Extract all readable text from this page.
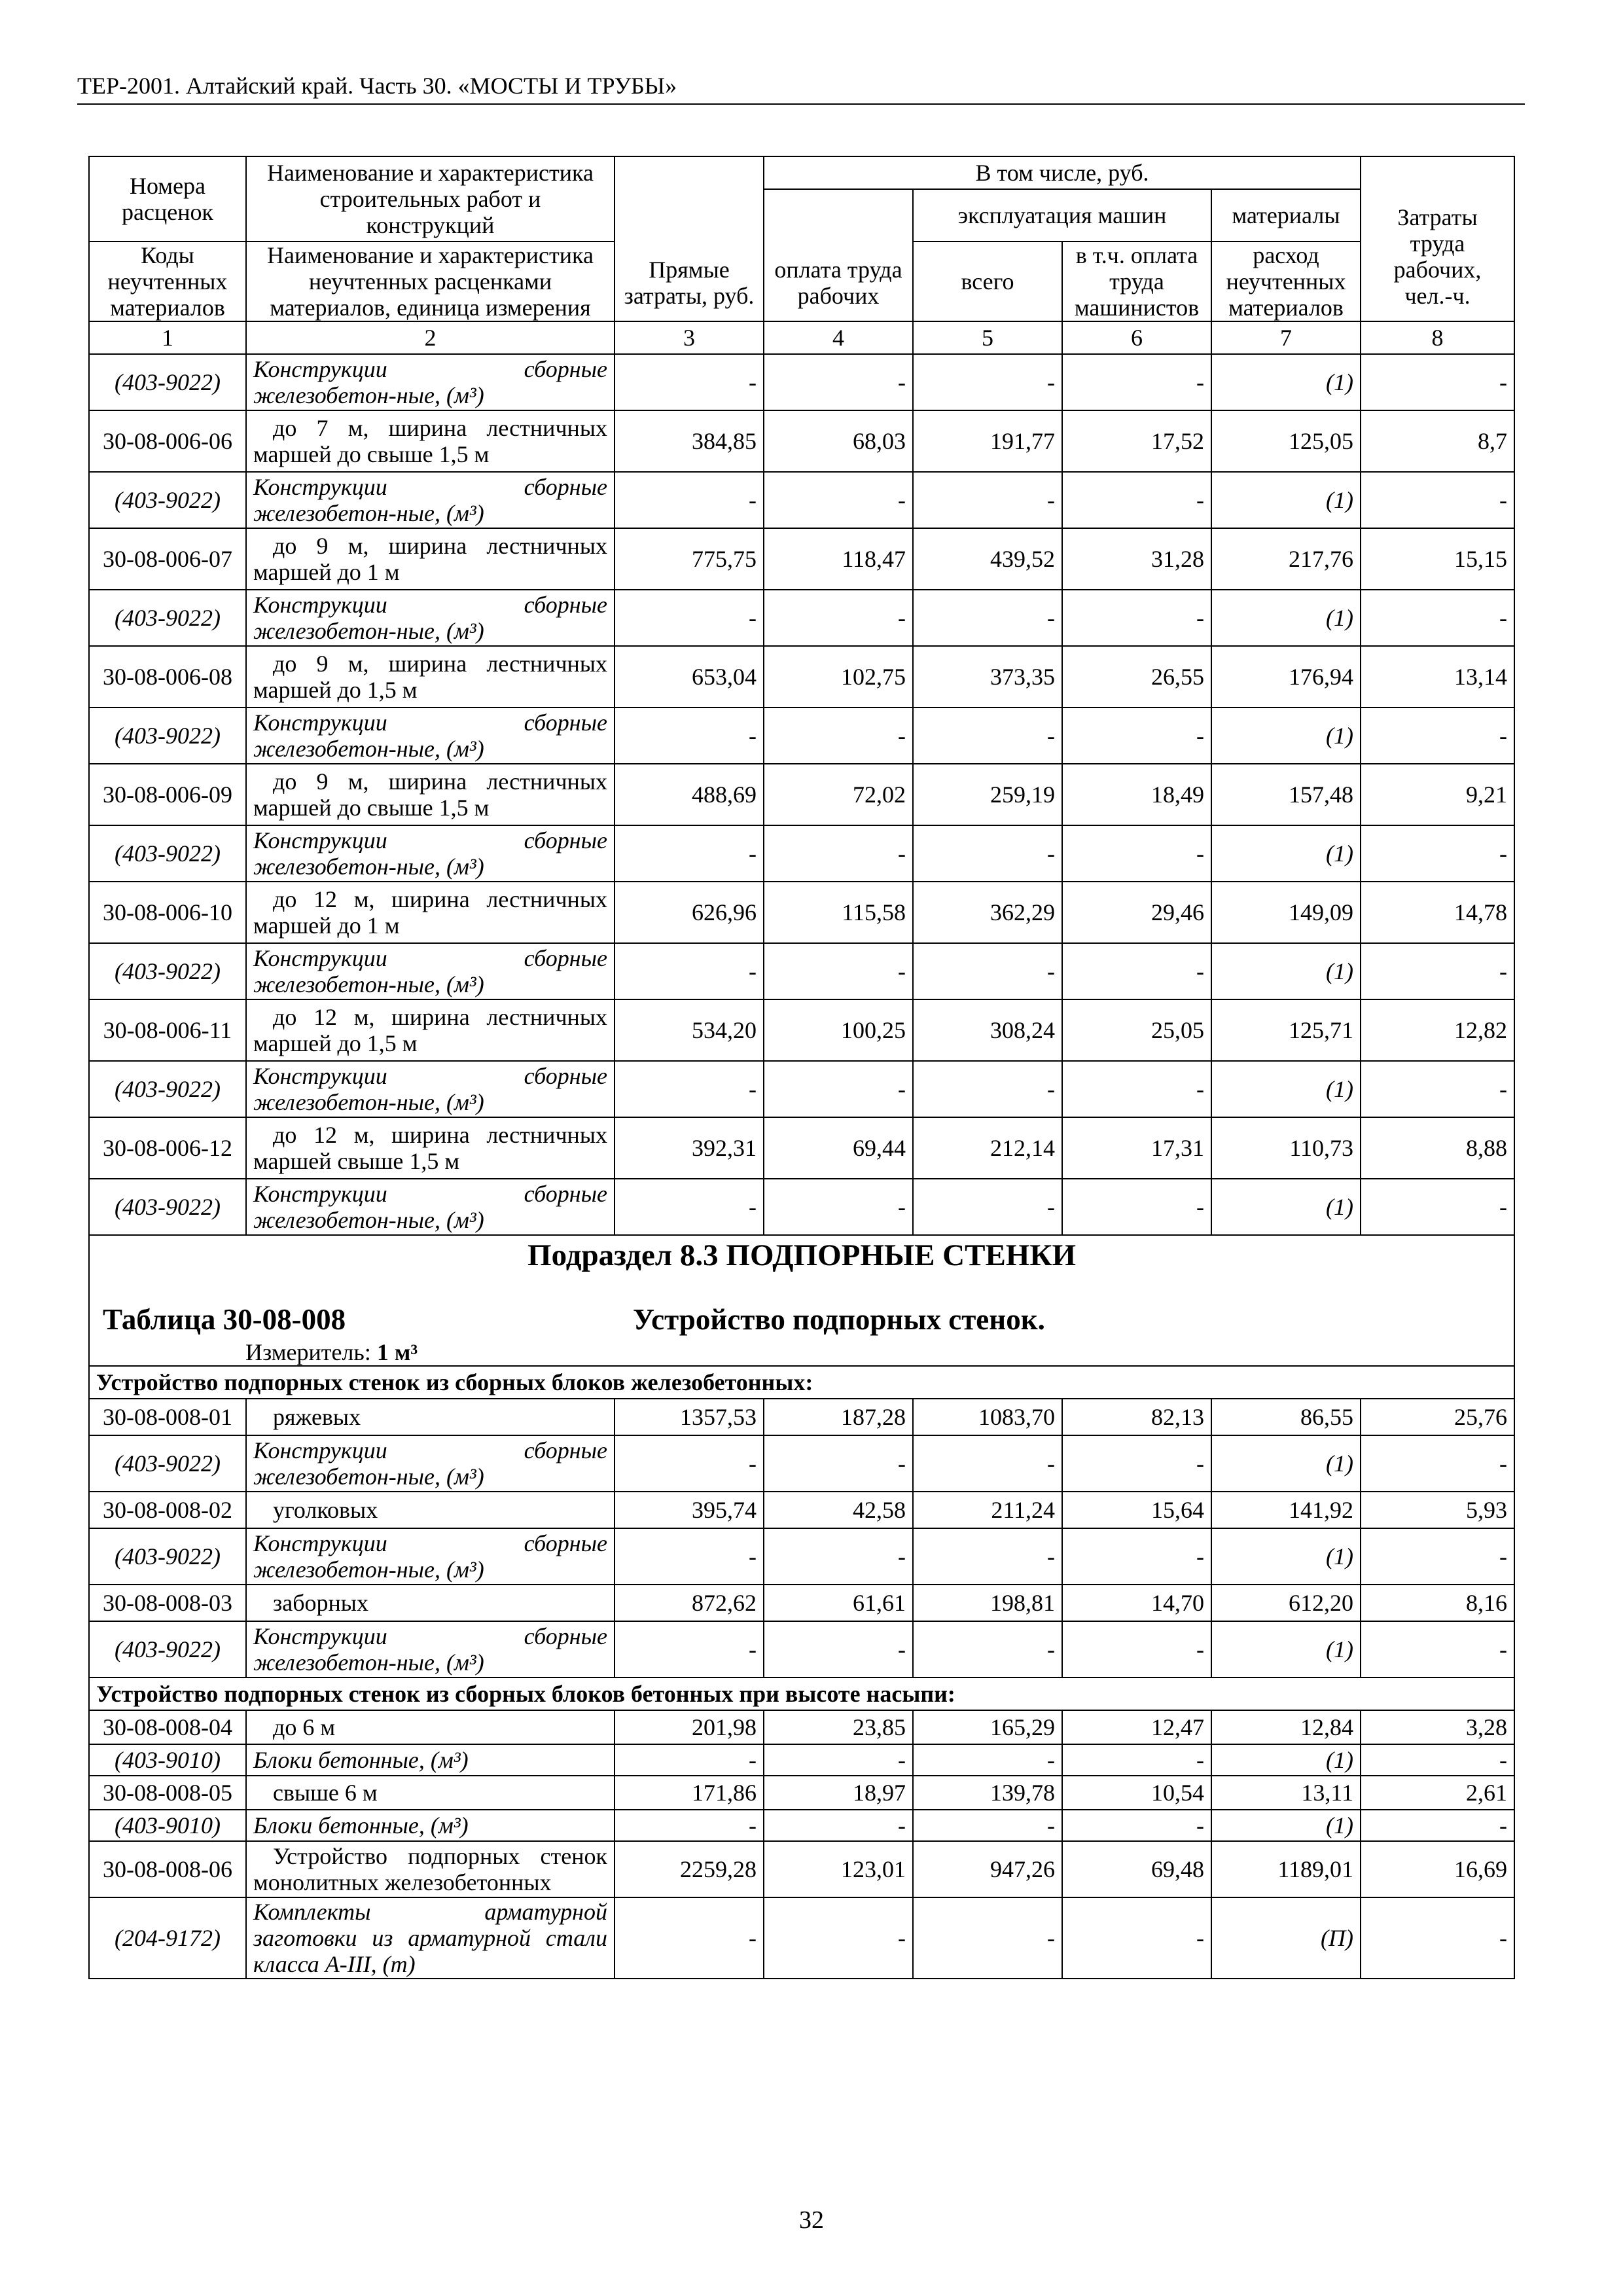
ТЕР-2001. Алтайский край. Часть 30. «МОСТЫ И ТРУБЫ»
Номера расценок	Наименование и характеристика строительных работ и конструкций	Прямые затраты, руб.	В том числе, руб.				Затраты труда рабочих, чел.-ч.
			оплата труда рабочих	эксплуатация машин		материалы	
Коды неучтенных материалов	Наименование и характеристика неучтенных расценками материалов, единица измерения			всего	в т.ч. оплата труда машинистов	расход неучтенных материалов	
1	2	3	4	5	6	7	8
(403-9022)	Конструкции сборные железобетон-ные, (м³)	-	-	-	-	(1)	-
30-08-006-06	до 7 м, ширина лестничных маршей до свыше 1,5 м	384,85	68,03	191,77	17,52	125,05	8,7
(403-9022)	Конструкции сборные железобетон-ные, (м³)	-	-	-	-	(1)	-
30-08-006-07	до 9 м, ширина лестничных маршей до 1 м	775,75	118,47	439,52	31,28	217,76	15,15
(403-9022)	Конструкции сборные железобетон-ные, (м³)	-	-	-	-	(1)	-
30-08-006-08	до 9 м, ширина лестничных маршей до 1,5 м	653,04	102,75	373,35	26,55	176,94	13,14
(403-9022)	Конструкции сборные железобетон-ные, (м³)	-	-	-	-	(1)	-
30-08-006-09	до 9 м, ширина лестничных маршей до свыше 1,5 м	488,69	72,02	259,19	18,49	157,48	9,21
(403-9022)	Конструкции сборные железобетон-ные, (м³)	-	-	-	-	(1)	-
30-08-006-10	до 12 м, ширина лестничных маршей до 1 м	626,96	115,58	362,29	29,46	149,09	14,78
(403-9022)	Конструкции сборные железобетон-ные, (м³)	-	-	-	-	(1)	-
30-08-006-11	до 12 м, ширина лестничных маршей до 1,5 м	534,20	100,25	308,24	25,05	125,71	12,82
(403-9022)	Конструкции сборные железобетон-ные, (м³)	-	-	-	-	(1)	-
30-08-006-12	до 12 м, ширина лестничных маршей свыше 1,5 м	392,31	69,44	212,14	17,31	110,73	8,88
(403-9022)	Конструкции сборные железобетон-ные, (м³)	-	-	-	-	(1)	-

Подраздел 8.3 ПОДПОРНЫЕ СТЕНКИ
Таблица 30-08-008 Устройство подпорных стенок.
Измеритель: 1 м³							

Устройство подпорных стенок из сборных блоков железобетонных:							
30-08-008-01	ряжевых	1357,53	187,28	1083,70	82,13	86,55	25,76
(403-9022)	Конструкции сборные железобетон-ные, (м³)	-	-	-	-	(1)	-
30-08-008-02	уголковых	395,74	42,58	211,24	15,64	141,92	5,93
(403-9022)	Конструкции сборные железобетон-ные, (м³)	-	-	-	-	(1)	-
30-08-008-03	заборных	872,62	61,61	198,81	14,70	612,20	8,16
(403-9022)	Конструкции сборные железобетон-ные, (м³)	-	-	-	-	(1)	-
Устройство подпорных стенок из сборных блоков бетонных при высоте насыпи:							
30-08-008-04	до 6 м	201,98	23,85	165,29	12,47	12,84	3,28
(403-9010)	Блоки бетонные, (м³)	-	-	-	-	(1)	-
30-08-008-05	свыше 6 м	171,86	18,97	139,78	10,54	13,11	2,61
(403-9010)	Блоки бетонные, (м³)	-	-	-	-	(1)	-
30-08-008-06	Устройство подпорных стенок монолитных железобетонных	2259,28	123,01	947,26	69,48	1189,01	16,69
(204-9172)	Комплекты арматурной заготовки из арматурной стали класса А-III, (т)	-	-	-	-	(П)	-
32
